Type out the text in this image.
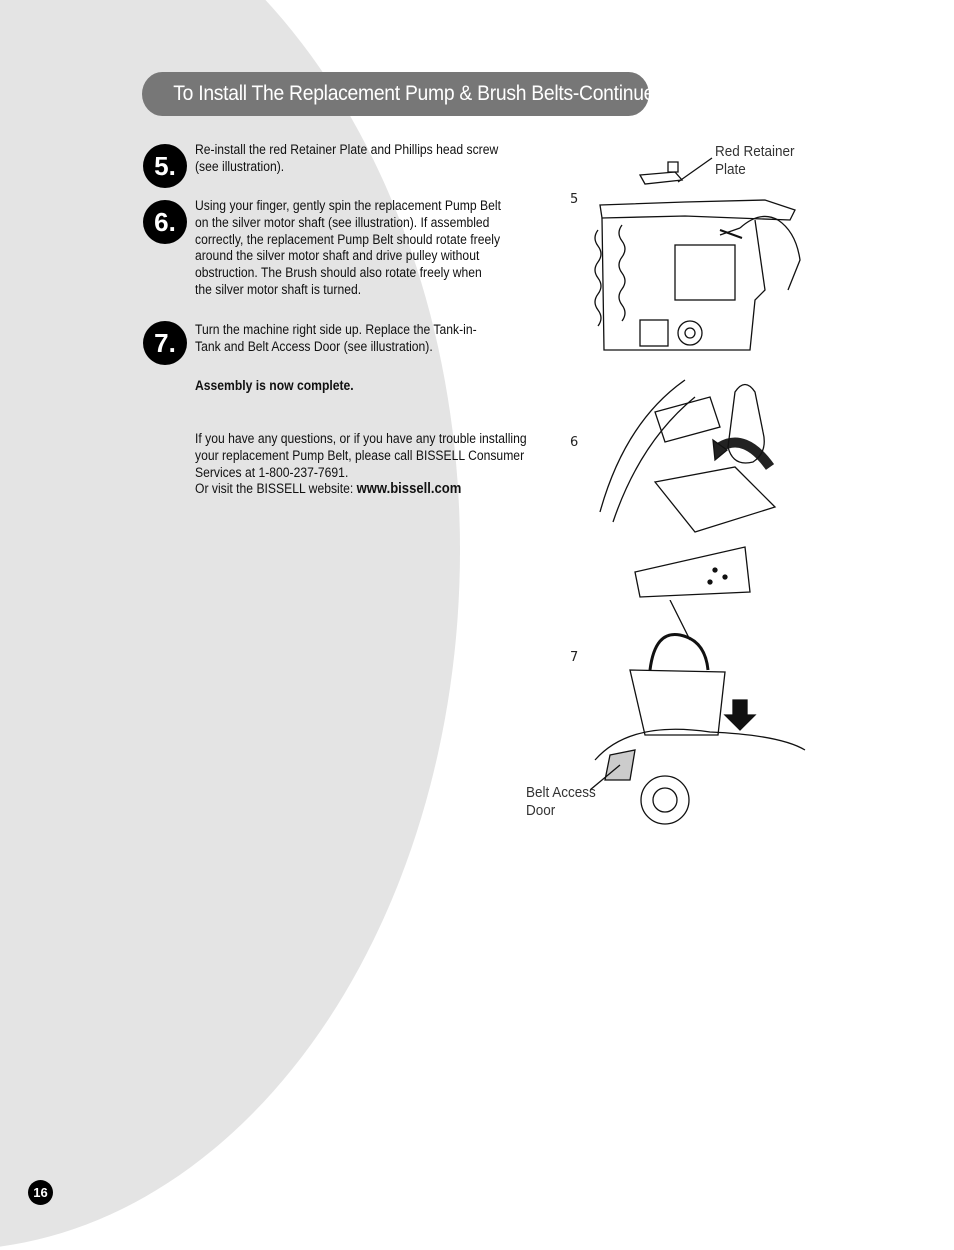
To Install The Replacement Pump & Brush Belts-Continued
5.
Re-install the red Retainer Plate and Phillips head screw (see illustration).
6.
Using your finger, gently spin the replacement Pump Belt on the silver motor shaft (see illustration). If assembled correctly, the replacement Pump Belt should rotate freely around the silver motor shaft and drive pulley without obstruction. The Brush should also rotate freely when the silver motor shaft is turned.
7.	Turn the machine right side up. Replace the Tank-in-Tank and Belt Access Door (see illustration).
Assembly is now complete.
If you have any questions, or if you have any trouble installing your replacement Pump Belt, please call BISSELL Consumer Services at 1-800-237-7691.
Or visit the BISSELL website: www.bissell.com
5
6
7
Red Retainer
Plate
Belt Access
Door
16
